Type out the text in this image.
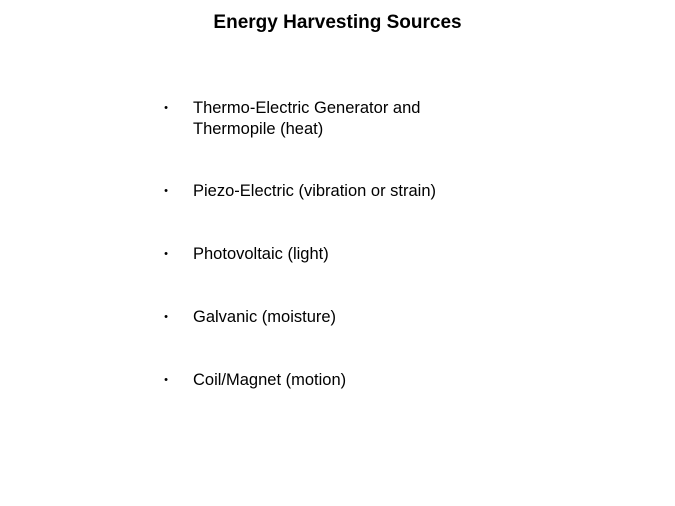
Energy Harvesting Sources
• Thermo-Electric Generator and Thermopile (heat)
• Piezo-Electric (vibration or strain)
• Photovoltaic (light)
• Galvanic (moisture)
• Coil/Magnet (motion)
